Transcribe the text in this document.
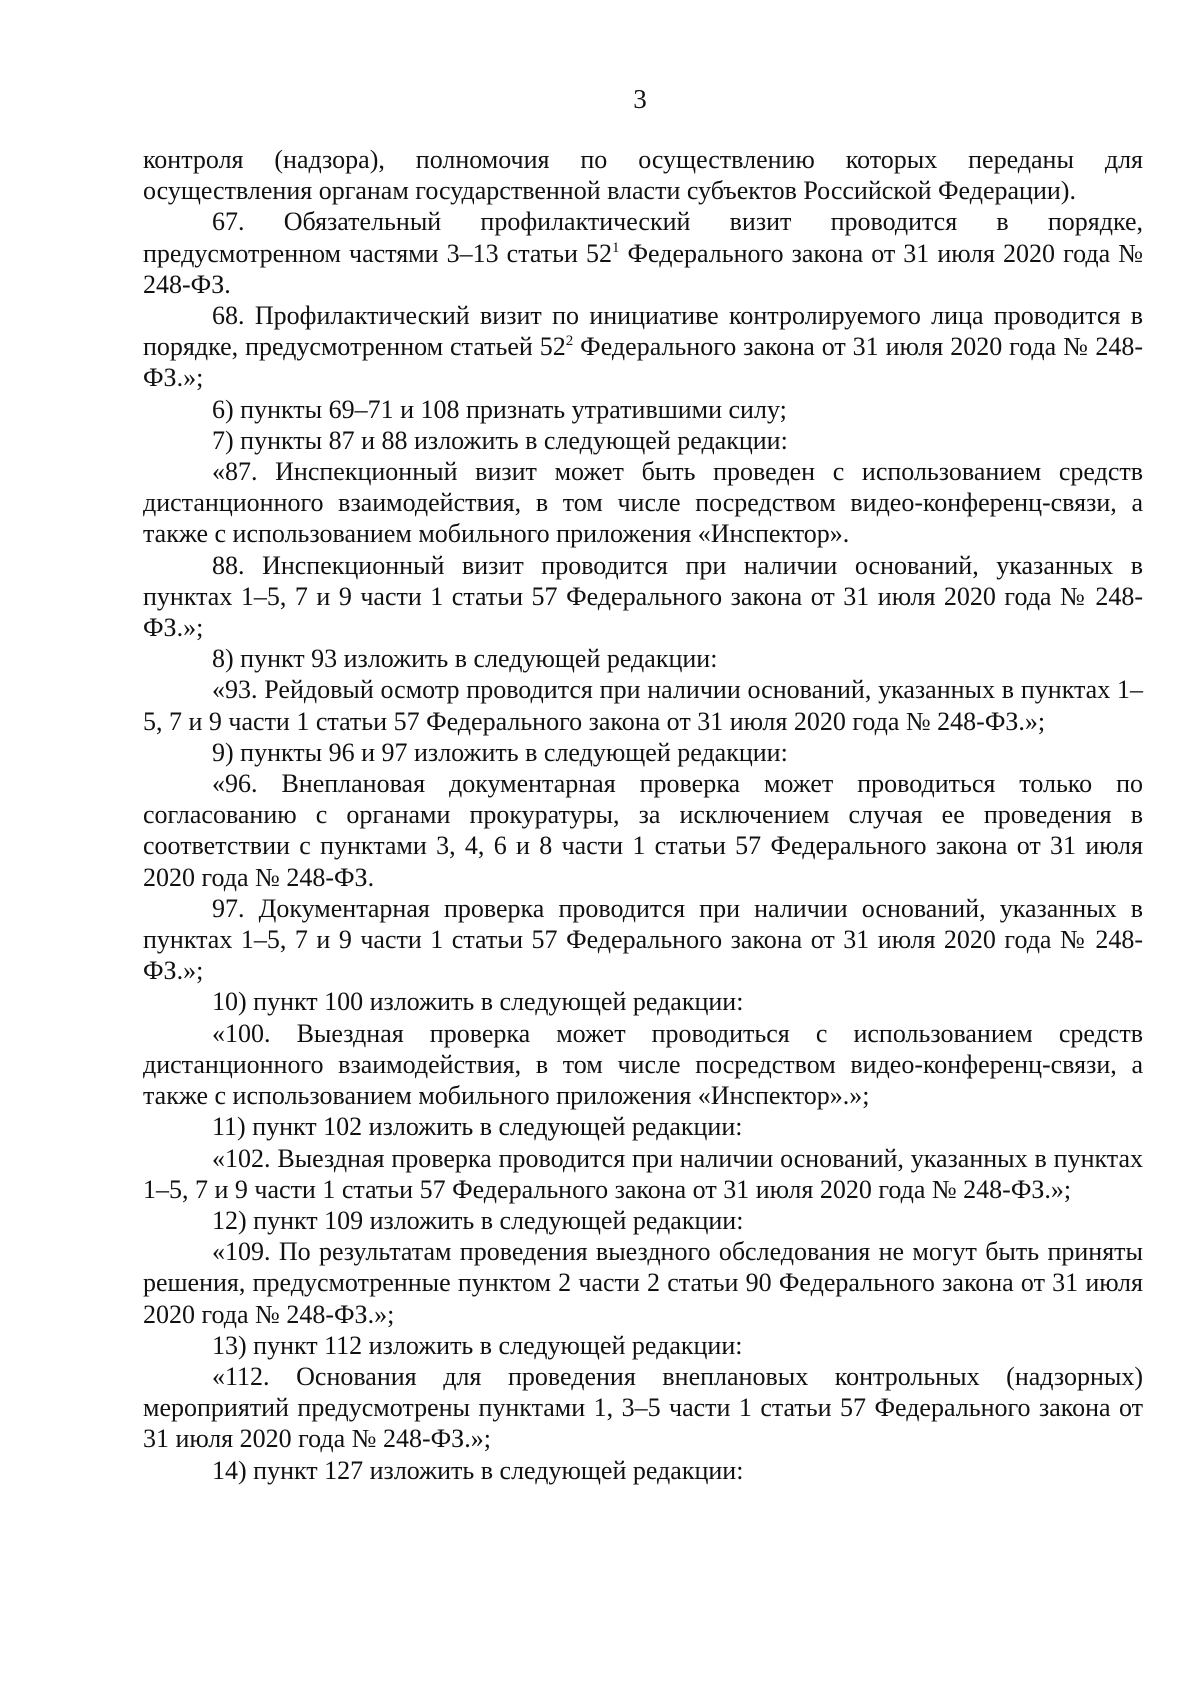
3

контроля (надзора), полномочия по осуществлению которых переданы для осуществления органам государственной власти субъектов Российской Федерации).

67. Обязательный профилактический визит проводится в порядке, предусмотренном частями 3–13 статьи $52^1$ Федерального закона от 31 июля 2020 года № 248-ФЗ.

68. Профилактический визит по инициативе контролируемого лица проводится в порядке, предусмотренном статьей $52^2$ Федерального закона от 31 июля 2020 года № 248-ФЗ.»;

6) пункты 69–71 и 108 признать утратившими силу;

7) пункты 87 и 88 изложить в следующей редакции:

«87. Инспекционный визит может быть проведен с использованием средств дистанционного взаимодействия, в том числе посредством видео-конференц-связи, а также с использованием мобильного приложения «Инспектор».

88. Инспекционный визит проводится при наличии оснований, указанных в пунктах 1–5, 7 и 9 части 1 статьи 57 Федерального закона от 31 июля 2020 года № 248-ФЗ.»;

8) пункт 93 изложить в следующей редакции:

«93. Рейдовый осмотр проводится при наличии оснований, указанных в пунктах 1–5, 7 и 9 части 1 статьи 57 Федерального закона от 31 июля 2020 года № 248-ФЗ.»;

9) пункты 96 и 97 изложить в следующей редакции:

«96. Внеплановая документарная проверка может проводиться только по согласованию с органами прокуратуры, за исключением случая ее проведения в соответствии с пунктами 3, 4, 6 и 8 части 1 статьи 57 Федерального закона от 31 июля 2020 года № 248-ФЗ.

97. Документарная проверка проводится при наличии оснований, указанных в пунктах 1–5, 7 и 9 части 1 статьи 57 Федерального закона от 31 июля 2020 года № 248-ФЗ.»;

10) пункт 100 изложить в следующей редакции:

«100. Выездная проверка может проводиться с использованием средств дистанционного взаимодействия, в том числе посредством видео-конференц-связи, а также с использованием мобильного приложения «Инспектор».»;

11) пункт 102 изложить в следующей редакции:

«102. Выездная проверка проводится при наличии оснований, указанных в пунктах 1–5, 7 и 9 части 1 статьи 57 Федерального закона от 31 июля 2020 года № 248-ФЗ.»;

12) пункт 109 изложить в следующей редакции:

«109. По результатам проведения выездного обследования не могут быть приняты решения, предусмотренные пунктом 2 части 2 статьи 90 Федерального закона от 31 июля 2020 года № 248-ФЗ.»;

13) пункт 112 изложить в следующей редакции:

«112. Основания для проведения внеплановых контрольных (надзорных) мероприятий предусмотрены пунктами 1, 3–5 части 1 статьи 57 Федерального закона от 31 июля 2020 года № 248-ФЗ.»;

14) пункт 127 изложить в следующей редакции:
